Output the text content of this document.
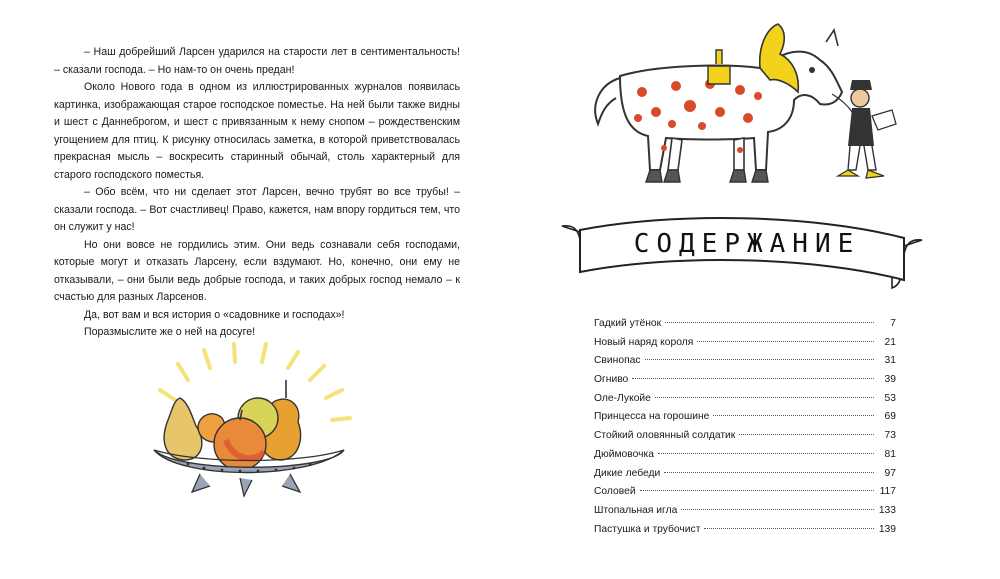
– Наш добрейший Ларсен ударился на старости лет в сентиментальность! – сказали господа. – Но нам-то он очень предан!

Около Нового года в одном из иллюстрированных журналов появилась картинка, изображающая старое господское поместье. На ней были также видны и шест с Даннеброгом, и шест с привязанным к нему снопом – рождественским угощением для птиц. К рисунку относилась заметка, в которой приветствовалась прекрасная мысль – воскресить старинный обычай, столь характерный для старого господского поместья.

– Обо всём, что ни сделает этот Ларсен, вечно трубят во все трубы! – сказали господа. – Вот счастливец! Право, кажется, нам впору гордиться тем, что он служит у нас!

Но они вовсе не гордились этим. Они ведь сознавали себя господами, которые могут и отказать Ларсену, если вздумают. Но, конечно, они ему не отказывали, – они были ведь добрые господа, и таких добрых господ немало – к счастью для разных Ларсенов.

Да, вот вам и вся история о «садовнике и господах»!

Поразмыслите же о ней на досуге!

СОДЕРЖАНИЕ
Гадкий утёнок	7
Новый наряд короля	21
Свинопас	31
Огниво	39
Оле-Лукойе	53
Принцесса на горошине	69
Стойкий оловянный солдатик	73
Дюймовочка	81
Дикие лебеди	97
Соловей	117
Штопальная игла	133
Пастушка и трубочист	139
